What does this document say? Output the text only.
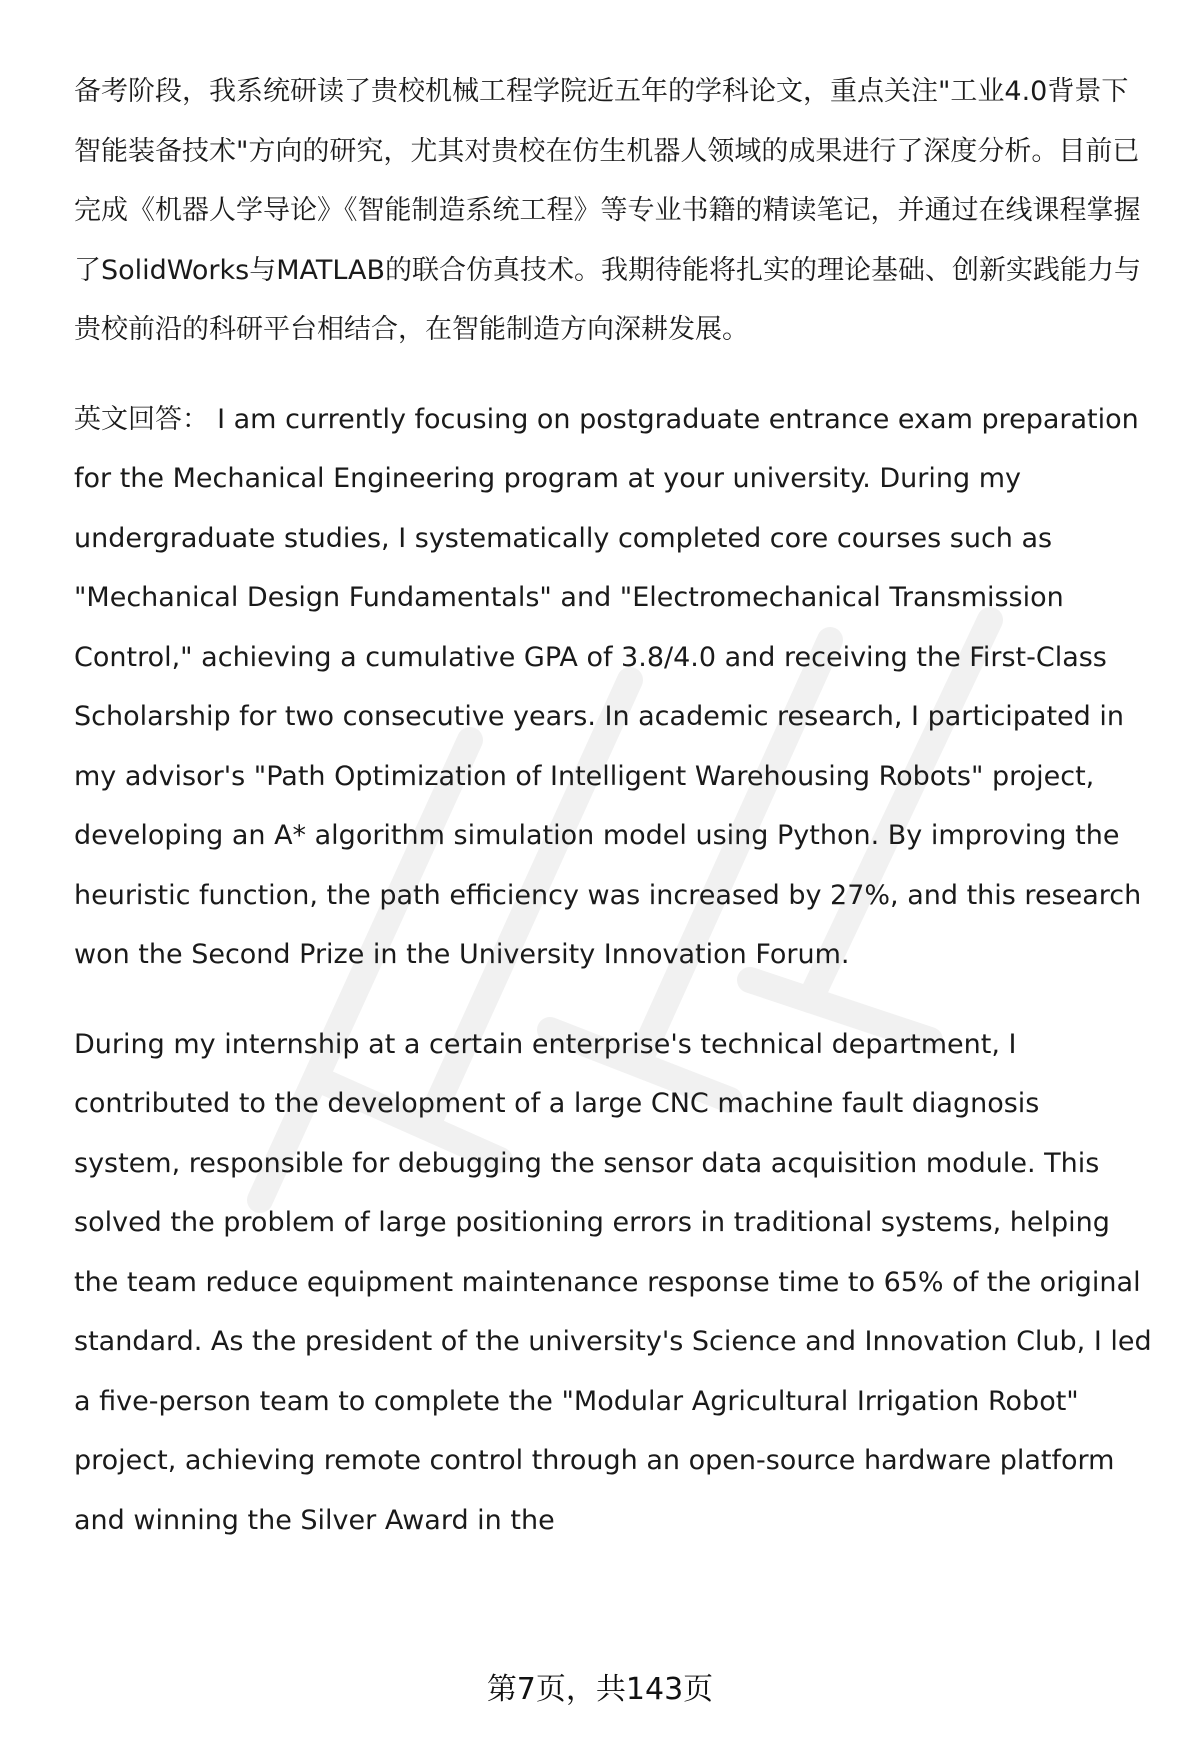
备考阶段，我系统研读了贵校机械工程学院近五年的学科论文，重点关注"工业4.0背景下智能装备技术"方向的研究，尤其对贵校在仿生机器人领域的成果进行了深度分析。目前已完成《机器人学导论》《智能制造系统工程》等专业书籍的精读笔记，并通过在线课程掌握了SolidWorks与MATLAB的联合仿真技术。我期待能将扎实的理论基础、创新实践能力与贵校前沿的科研平台相结合，在智能制造方向深耕发展。

英文回答： I am currently focusing on postgraduate entrance exam preparation for the Mechanical Engineering program at your university. During my undergraduate studies, I systematically completed core courses such as "Mechanical Design Fundamentals" and "Electromechanical Transmission Control," achieving a cumulative GPA of 3.8/4.0 and receiving the First-Class Scholarship for two consecutive years. In academic research, I participated in my advisor's "Path Optimization of Intelligent Warehousing Robots" project, developing an A* algorithm simulation model using Python. By improving the heuristic function, the path efficiency was increased by 27%, and this research won the Second Prize in the University Innovation Forum.

During my internship at a certain enterprise's technical department, I contributed to the development of a large CNC machine fault diagnosis system, responsible for debugging the sensor data acquisition module. This solved the problem of large positioning errors in traditional systems, helping the team reduce equipment maintenance response time to 65% of the original standard. As the president of the university's Science and Innovation Club, I led a five-person team to complete the "Modular Agricultural Irrigation Robot" project, achieving remote control through an open-source hardware platform and winning the Silver Award in the

第7页，共143页
